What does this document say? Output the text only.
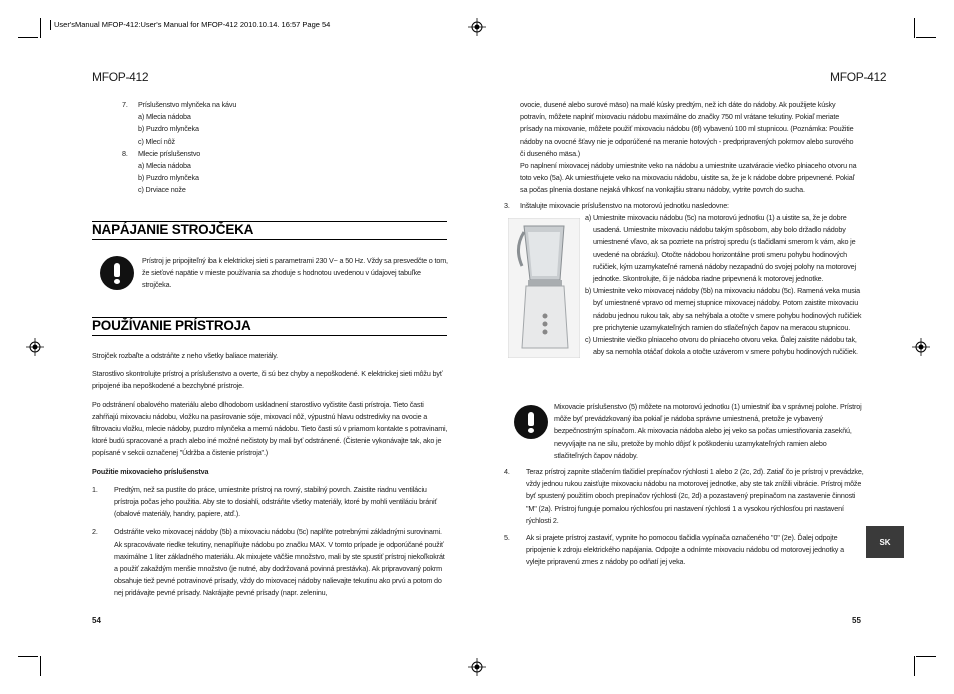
User'sManual MFOP-412:User's Manual for MFOP-412 2010.10.14. 16:57 Page 54
MFOP-412
7. Príslušenstvo mlynčeka na kávu
a) Mlecia nádoba
b) Puzdro mlynčeka
c) Mlecí nôž
8. Mlecie príslušenstvo
a) Mlecia nádoba
b) Puzdro mlynčeka
c) Drviace nože
NAPÁJANIE STROJČEKA
Prístroj je pripojiteľný iba k elektrickej sieti s parametrami 230 V~ a 50 Hz. Vždy sa presvedčte o tom, že sieťové napätie v mieste používania sa zhoduje s hodnotou uvedenou v údajovej tabuľke strojčeka.
POUŽÍVANIE PRÍSTROJA

Strojček rozbaľte a odstráňte z neho všetky baliace materiály.

Starostlivo skontrolujte prístroj a príslušenstvo a overte, či sú bez chyby a nepoškodené. K elektrickej sieti môžu byť pripojené iba nepoškodené a bezchybné prístroje.

Po odstránení obalového materiálu alebo dlhodobom uskladnení starostlivo vyčistite časti prístroja. Tieto časti zahŕňajú mixovaciu nádobu, vložku na pasírovanie sóje, mixovací nôž, výpustnú hlavu odstredivky na ovocie a filtrovaciu vložku, mlecie nádoby, puzdro mlynčeka a mernú nádobu. Tieto časti sú v priamom kontakte s potravinami, ktoré budú spracované a prach alebo iné možné nečistoty by mali byť odstránené. (Čistenie vykonávajte tak, ako je popísané v sekcii označenej "Údržba a čistenie prístroja".)

Použitie mixovacieho príslušenstva

1. Predtým, než sa pustíte do práce, umiestnite prístroj na rovný, stabilný povrch. Zaistite riadnu ventiláciu prístroja počas jeho použitia. Aby ste to dosiahli, odstráňte všetky materiály, ktoré by mohli ventiláciu brániť (obalové materiály, handry, papiere, atď.).
2. Odstráňte veko mixovacej nádoby (5b) a mixovaciu nádobu (5c) naplňte potrebnými základnými surovinami. Ak spracovávate riedke tekutiny, nenaplňujte nádobu po značku MAX. V tomto prípade je odporúčané použiť maximálne 1 liter základného materiálu. Ak mixujete väčšie množstvo, mali by ste spustiť prístroj niekoľkokrát a použiť zakaždým menšie množstvo (je nutné, aby dodržovaná povinná prestávka). Ak pripravovaný pokrm obsahuje tiež pevné potravinové prísady, vždy do mixovacej nádoby nalievajte tekutinu ako prvú a potom do nej pridávajte pevné prísady. Nakrájajte pevné prísady (napr. zeleninu,
54
MFOP-412

ovocie, dusené alebo surové mäso) na malé kúsky predtým, než ich dáte do nádoby. Ak použijete kúsky potravín, môžete naplniť mixovaciu nádobu maximálne do značky 750 ml vrátane tekutiny. Pokiaľ meriate prísady na mixovanie, môžete použiť mixovaciu nádobu (6f) vybavenú 100 ml stupnicou. (Poznámka: Použitie nádoby na ovocné šťavy nie je odporúčené na meranie hotových - predpripravených pokrmov alebo surového či duseného mäsa.)

Po naplnení mixovacej nádoby umiestnite veko na nádobu a umiestnite uzatváracie viečko plniaceho otvoru na toto veko (5a). Ak umiestňujete veko na mixovaciu nádobu, uistite sa, že je k nádobe dobre pripevnené. Pokiaľ sa počas plnenia dostane nejaká vlhkosť na vonkajšiu stranu nádoby, vytrite povrch do sucha.

3. Inštalujte mixovacie príslušenstvo na motorovú jednotku nasledovne:

a) Umiestnite mixovaciu nádobu (5c) na motorovú jednotku (1) a uistite sa, že je dobre usadená. Umiestnite mixovaciu nádobu takým spôsobom, aby bolo držadlo nádoby umiestnené vľavo, ak sa pozriete na prístroj spredu (s tlačidlami smerom k vám, ako je uvedené na obrázku). Otočte nádobou horizontálne proti smeru pohybu hodinových ručičiek, kým uzamykateľné ramená nádoby nezapadnú do svojej polohy na motorovej jednotke. Skontrolujte, či je nádoba riadne pripevnená k motorovej jednotke.

b) Umiestnite veko mixovacej nádoby (5b) na mixovaciu nádobu (5c). Ramená veka musia byť umiestnené vpravo od memej stupnice mixovacej nádoby. Potom zaistite mixovaciu nádobu jednou rukou tak, aby sa nehýbala a otočte v smere pohybu hodinových ručičiek pre prichytenie uzamykateľných ramien do stlačeľných čapov na meracou stupnicou.

c) Umiestnite viečko plniaceho otvoru do plniaceho otvoru veka. Ďalej zaistite nádobu tak, aby sa nemohla otáčať dokola a otočte uzáverom v smere pohybu hodinových ručičiek.

Mixovacie príslušenstvo (5) môžete na motorovú jednotku (1) umiestniť iba v správnej polohe. Prístroj môže byť prevádzkovaný iba pokiaľ je nádoba správne umiestnená, pretože je vybavený bezpečnostným spínačom. Ak mixovacia nádoba alebo jej veko sa počas umiestňovania zasekňú, nevyvíjajte na ne silu, pretože by mohlo dôjsť k poškodeniu uzamykateľných ramien alebo stlačiteľných čapov nádoby.
4. Teraz prístroj zapnite stlačením tlačidiel prepínačov rýchlosti 1 alebo 2 (2c, 2d). Zatiaľ čo je prístroj v prevádzke, vždy jednou rukou zaisťujte mixovaciu nádobu na motorovej jednotke, aby ste tak znížili vibrácie. Prístroj môže byť spustený použitím oboch prepínačov rýchlosti (2c, 2d) a pozastavený prepínačom na zastavenie činnosti "M" (2a). Prístroj funguje pomalou rýchlosťou pri nastavení rýchlosti 1 a vysokou rýchlosťou pri nastavení rýchlosti 2.
5. Ak si prajete prístroj zastaviť, vypnite ho pomocou tlačidla vypínača označeného "0" (2e). Ďalej odpojte pripojenie k zdroju elektrického napájania. Odpojte a odnímte mixovaciu nádobu od motorovej jednotky a vylejte pripravenú zmes z nádoby po odňatí jej veka.
SK
55
